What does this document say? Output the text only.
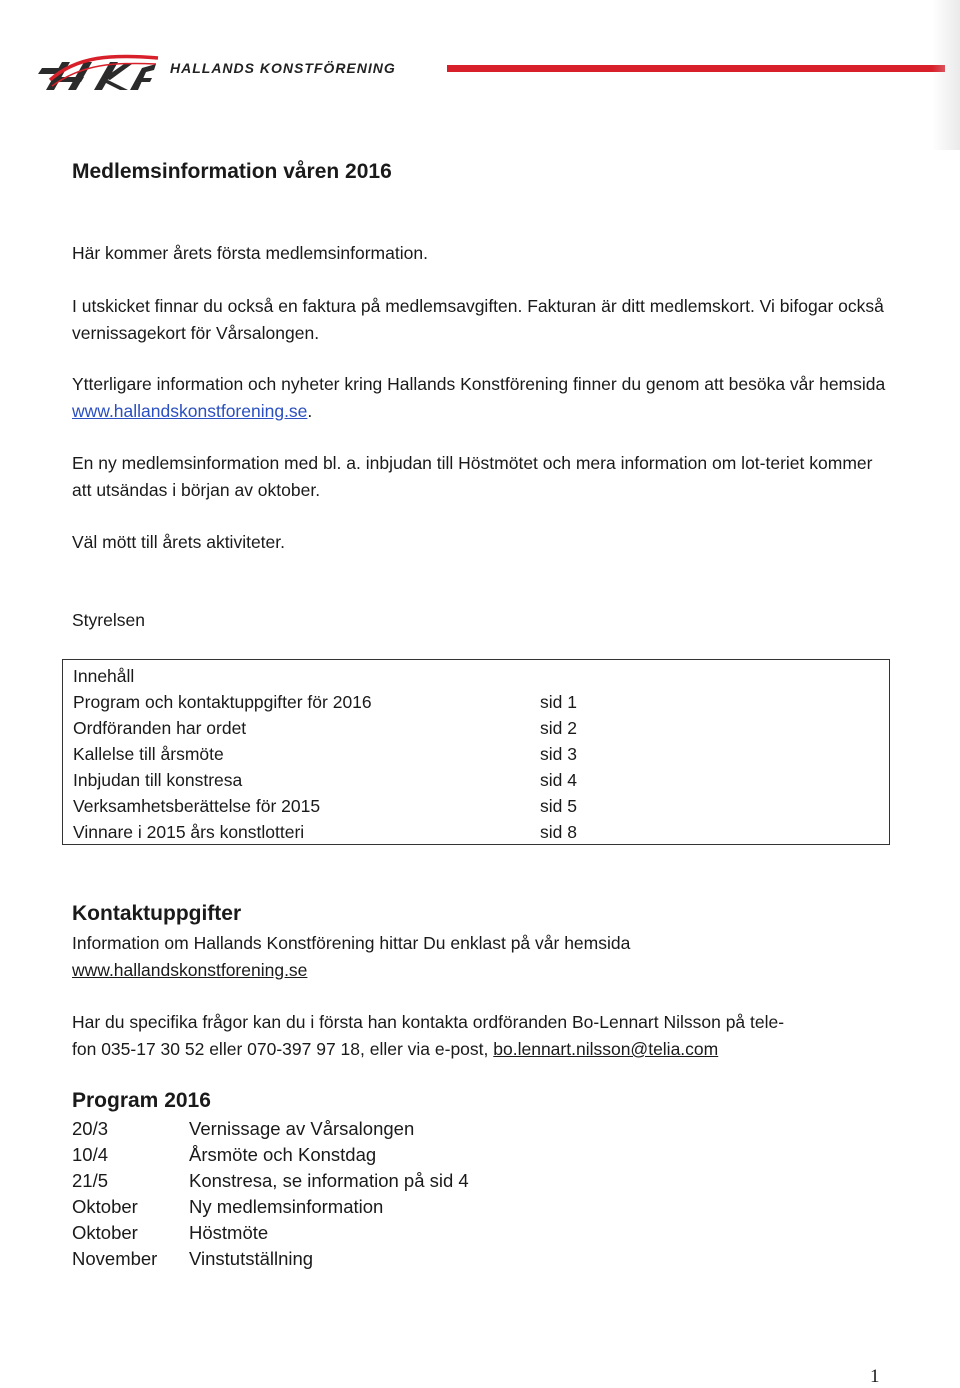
HALLANDS KONSTFÖRENING
Medlemsinformation våren 2016
Här kommer årets första medlemsinformation.
I utskicket finnar du också en faktura på medlemsavgiften. Fakturan är ditt medlemskort. Vi bifogar också vernissagekort för Vårsalongen.
Ytterligare information och nyheter kring Hallands Konstförening finner du genom att besöka vår hemsida www.hallandskonstforening.se.
En ny medlemsinformation med bl. a. inbjudan till Höstmötet och mera information om lot-teriet kommer att utsändas i början av oktober.
Väl mött till årets aktiviteter.
Styrelsen
Innehåll
Program och kontaktuppgifter för 2016	sid 1
Ordföranden har ordet	sid 2
Kallelse till årsmöte	sid 3
Inbjudan till konstresa	sid 4
Verksamhetsberättelse för 2015	sid 5
Vinnare i 2015 års konstlotteri	sid 8
Kontaktuppgifter
Information om Hallands Konstförening hittar Du enklast på vår hemsida
www.hallandskonstforening.se
Har du specifika frågor kan du i första han kontakta ordföranden Bo-Lennart Nilsson på tele-
fon 035-17 30 52 eller 070-397 97 18, eller via e-post, bo.lennart.nilsson@telia.com
Program 2016
20/3	Vernissage av Vårsalongen
10/4	Årsmöte och Konstdag
21/5	Konstresa, se information på sid 4
Oktober	Ny medlemsinformation
Oktober	Höstmöte
November Vinstutställning
1
